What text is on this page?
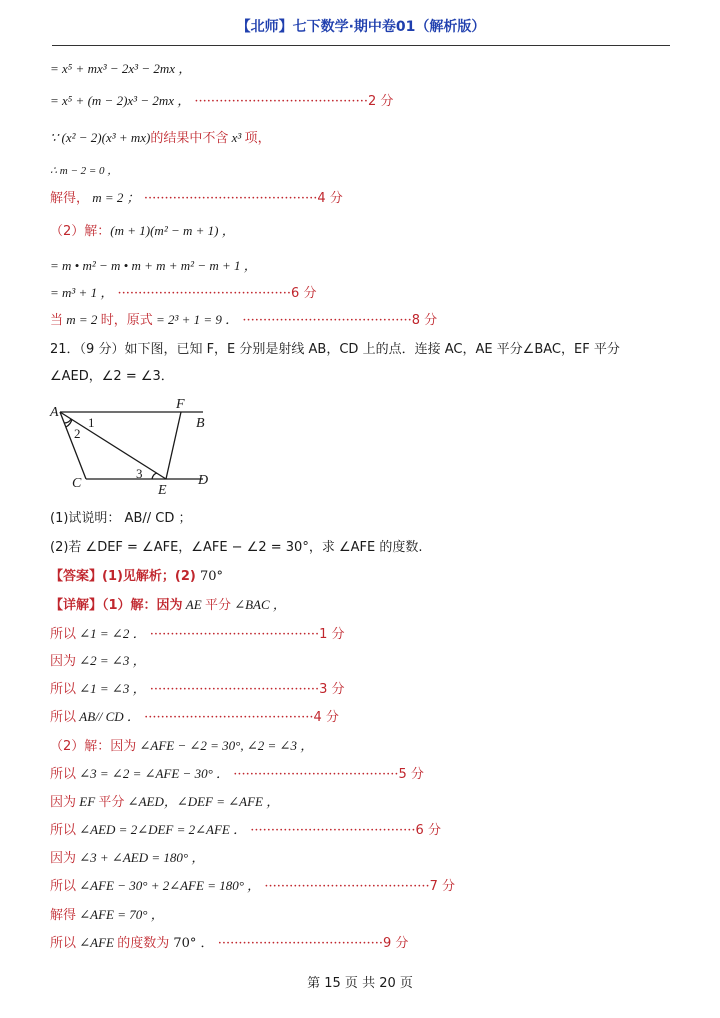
【北师】七下数学·期中卷01（解析版）
= x⁵ + mx³ − 2x³ − 2mx ，
= x⁵ + (m − 2)x³ − 2mx ， ··········································2 分
∵ (x² − 2)(x³ + mx)的结果中不含 x³ 项，
∴ m − 2 = 0 ，
解得， m = 2 ； ··········································4 分
（2）解：(m + 1)(m² − m + 1) ，
= m • m² − m • m + m + m² − m + 1 ，
= m³ + 1 ， ··········································6 分
当 m = 2 时，原式 = 2³ + 1 = 9 ． ·········································8 分
21．（9 分）如下图，已知 F，E 分别是射线 AB，CD 上的点．连接 AC，AE 平分∠BAC，EF 平分
∠AED，∠2 = ∠3．
A
F
B
C	E
D
1
2
3
(1)试说明： AB// CD ；
(2)若 ∠DEF = ∠AFE，∠AFE − ∠2 = 30°，求 ∠AFE 的度数.
【答案】(1)见解析；(2) 70°
【详解】（1）解：因为 AE 平分 ∠BAC ，
所以 ∠1 = ∠2 ． ·········································1 分
因为 ∠2 = ∠3 ，
所以 ∠1 = ∠3 ， ·········································3 分
所以 AB// CD ． ·········································4 分
（2）解：因为 ∠AFE − ∠2 = 30°, ∠2 = ∠3 ，
所以 ∠3 = ∠2 = ∠AFE − 30° ． ········································5 分
因为 EF 平分 ∠AED，∠DEF = ∠AFE ，
所以 ∠AED = 2∠DEF = 2∠AFE ． ········································6 分
因为 ∠3 + ∠AED = 180° ，
所以 ∠AFE − 30° + 2∠AFE = 180° ， ········································7 分
解得 ∠AFE = 70° ，
所以 ∠AFE 的度数为 70° ． ········································9 分
第 15 页 共 20 页
